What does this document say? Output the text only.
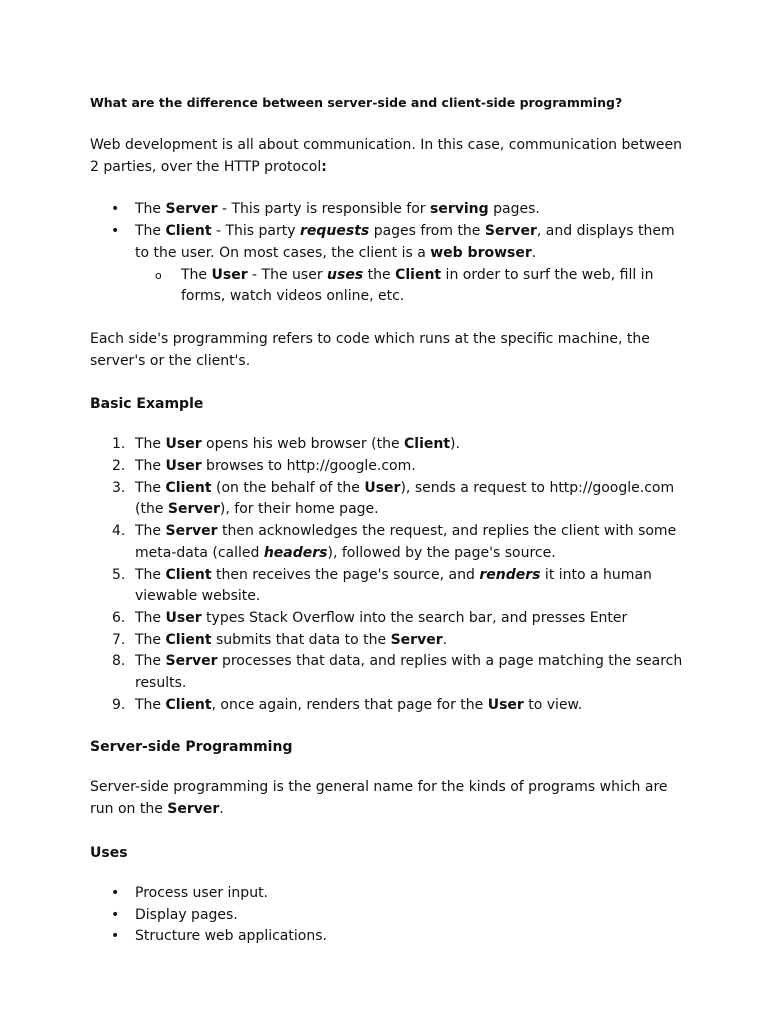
What are the difference between server-side and client-side programming?

Web development is all about communication. In this case, communication between 2 parties, over the HTTP protocol:

• The Server - This party is responsible for serving pages.
• The Client - This party requests pages from the Server, and displays them to the user. On most cases, the client is a web browser.
o The User - The user uses the Client in order to surf the web, fill in forms, watch videos online, etc.

Each side's programming refers to code which runs at the specific machine, the server's or the client's.

Basic Example
1. The User opens his web browser (the Client).
2. The User browses to http://google.com.
3. The Client (on the behalf of the User), sends a request to http://google.com (the Server), for their home page.
4. The Server then acknowledges the request, and replies the client with some meta-data (called headers), followed by the page's source.
5. The Client then receives the page's source, and renders it into a human viewable website.
6. The User types Stack Overflow into the search bar, and presses Enter
7. The Client submits that data to the Server.
8. The Server processes that data, and replies with a page matching the search results.
9. The Client, once again, renders that page for the User to view.
Server-side Programming

Server-side programming is the general name for the kinds of programs which are run on the Server.

Uses
• Process user input.
• Display pages.
• Structure web applications.
